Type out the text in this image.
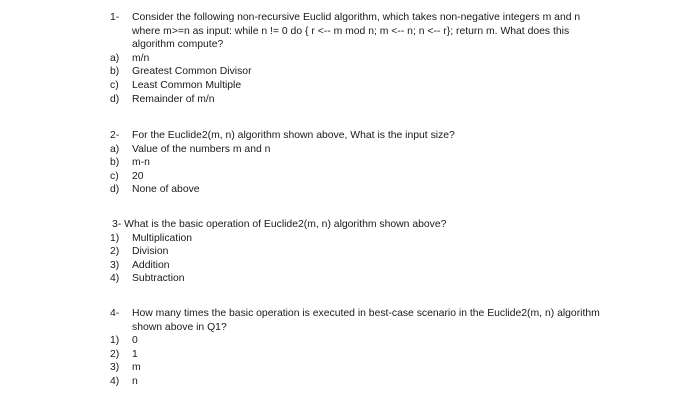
1-	Consider the following non-recursive Euclid algorithm, which takes non-negative integers m and n where m>=n as input: while n != 0 do { r <-- m mod n; m <-- n; n <-- r}; return m. What does this algorithm compute?
a)	m/n
b)	Greatest Common Divisor
c)	Least Common Multiple
d)	Remainder of m/n
2-	For the Euclide2(m, n) algorithm shown above, What is the input size?
a)	Value of the numbers m and n
b)	m-n
c)	20
d)	None of above
3-
What is the basic operation of Euclide2(m, n) algorithm shown above?
1)	Multiplication
2)	Division
3)	Addition
4)	Subtraction
4-	How many times the basic operation is executed in best-case scenario in the Euclide2(m, n) algorithm shown above in Q1?
1)	0
2)	1
3)	m
4)	n
